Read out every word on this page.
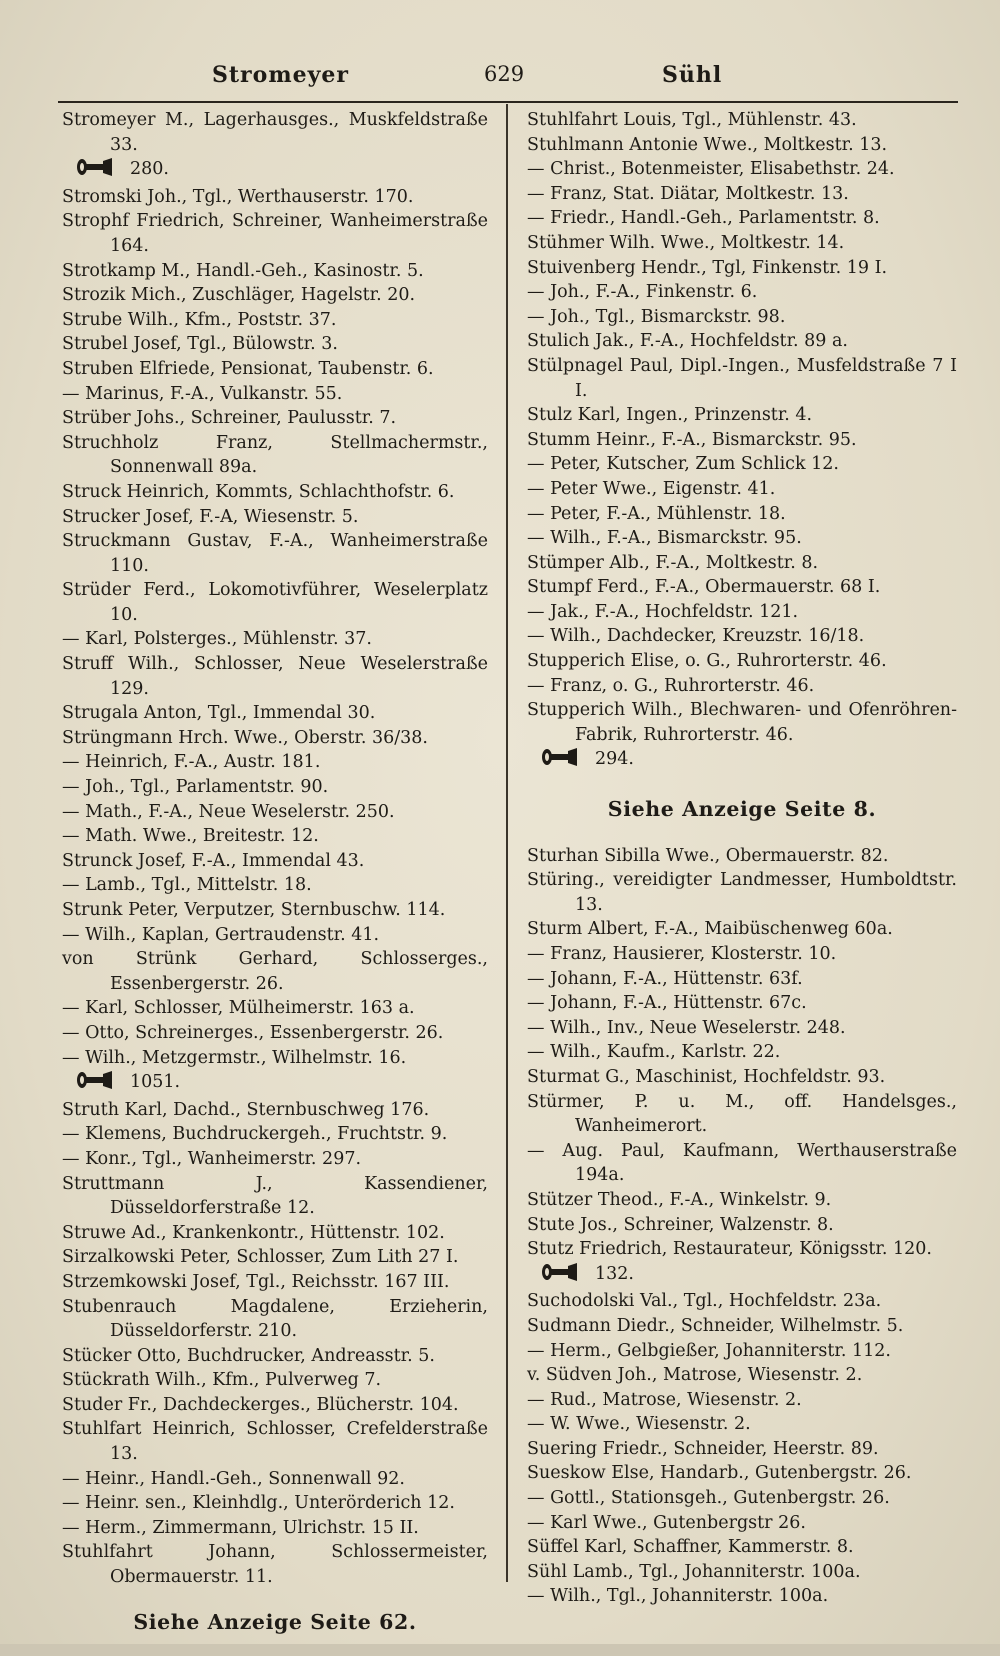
Stromeyer	629	Sühl
Stromeyer M., Lagerhausges., Muskfeldstraße 33.
280.
Stromski Joh., Tgl., Werthauserstr. 170.
Strophf Friedrich, Schreiner, Wanheimerstraße 164.
Strotkamp M., Handl.-Geh., Kasinostr. 5.
Strozik Mich., Zuschläger, Hagelstr. 20.
Strube Wilh., Kfm., Poststr. 37.
Strubel Josef, Tgl., Bülowstr. 3.
Struben Elfriede, Pensionat, Taubenstr. 6.
— Marinus, F.-A., Vulkanstr. 55.
Strüber Johs., Schreiner, Paulusstr. 7.
Struchholz Franz, Stellmachermstr., Sonnenwall 89a.
Struck Heinrich, Kommts, Schlachthofstr. 6.
Strucker Josef, F.-A, Wiesenstr. 5.
Struckmann Gustav, F.-A., Wanheimerstraße 110.
Strüder Ferd., Lokomotivführer, Weselerplatz 10.
— Karl, Polsterges., Mühlenstr. 37.
Struff Wilh., Schlosser, Neue Weselerstraße 129.
Strugala Anton, Tgl., Immendal 30.
Strüngmann Hrch. Wwe., Oberstr. 36/38.
— Heinrich, F.-A., Austr. 181.
— Joh., Tgl., Parlamentstr. 90.
— Math., F.-A., Neue Weselerstr. 250.
— Math. Wwe., Breitestr. 12.
Strunck Josef, F.-A., Immendal 43.
— Lamb., Tgl., Mittelstr. 18.
Strunk Peter, Verputzer, Sternbuschw. 114.
— Wilh., Kaplan, Gertraudenstr. 41.
von Strünk Gerhard, Schlosserges., Essenbergerstr. 26.
— Karl, Schlosser, Mülheimerstr. 163 a.
— Otto, Schreinerges., Essenbergerstr. 26.
— Wilh., Metzgermstr., Wilhelmstr. 16.
1051.
Struth Karl, Dachd., Sternbuschweg 176.
— Klemens, Buchdruckergeh., Fruchtstr. 9.
— Konr., Tgl., Wanheimerstr. 297.
Struttmann J., Kassendiener, Düsseldorferstraße 12.
Struwe Ad., Krankenkontr., Hüttenstr. 102.
Sirzalkowski Peter, Schlosser, Zum Lith 27 I.
Strzemkowski Josef, Tgl., Reichsstr. 167 III.
Stubenrauch Magdalene, Erzieherin, Düsseldorferstr. 210.
Stücker Otto, Buchdrucker, Andreasstr. 5.
Stückrath Wilh., Kfm., Pulverweg 7.
Studer Fr., Dachdeckerges., Blücherstr. 104.
Stuhlfart Heinrich, Schlosser, Crefelderstraße 13.
— Heinr., Handl.-Geh., Sonnenwall 92.
— Heinr. sen., Kleinhdlg., Unterörderich 12.
— Herm., Zimmermann, Ulrichstr. 15 II.
Stuhlfahrt Johann, Schlossermeister, Obermauerstr. 11.
Siehe Anzeige Seite 62.
Stuhlfahrt Louis, Tgl., Mühlenstr. 43.
Stuhlmann Antonie Wwe., Moltkestr. 13.
— Christ., Botenmeister, Elisabethstr. 24.
— Franz, Stat. Diätar, Moltkestr. 13.
— Friedr., Handl.-Geh., Parlamentstr. 8.
Stühmer Wilh. Wwe., Moltkestr. 14.
Stuivenberg Hendr., Tgl, Finkenstr. 19 I.
— Joh., F.-A., Finkenstr. 6.
— Joh., Tgl., Bismarckstr. 98.
Stulich Jak., F.-A., Hochfeldstr. 89 a.
Stülpnagel Paul, Dipl.-Ingen., Musfeldstraße 7 I I.
Stulz Karl, Ingen., Prinzenstr. 4.
Stumm Heinr., F.-A., Bismarckstr. 95.
— Peter, Kutscher, Zum Schlick 12.
— Peter Wwe., Eigenstr. 41.
— Peter, F.-A., Mühlenstr. 18.
— Wilh., F.-A., Bismarckstr. 95.
Stümper Alb., F.-A., Moltkestr. 8.
Stumpf Ferd., F.-A., Obermauerstr. 68 I.
— Jak., F.-A., Hochfeldstr. 121.
— Wilh., Dachdecker, Kreuzstr. 16/18.
Stupperich Elise, o. G., Ruhrorterstr. 46.
— Franz, o. G., Ruhrorterstr. 46.
Stupperich Wilh., Blechwaren- und Ofenröhren-Fabrik, Ruhrorterstr. 46.
294.
Siehe Anzeige Seite 8.
Sturhan Sibilla Wwe., Obermauerstr. 82.
Stüring., vereidigter Landmesser, Humboldtstr. 13.
Sturm Albert, F.-A., Maibüschenweg 60a.
— Franz, Hausierer, Klosterstr. 10.
— Johann, F.-A., Hüttenstr. 63f.
— Johann, F.-A., Hüttenstr. 67c.
— Wilh., Inv., Neue Weselerstr. 248.
— Wilh., Kaufm., Karlstr. 22.
Sturmat G., Maschinist, Hochfeldstr. 93.
Stürmer, P. u. M., off. Handelsges., Wanheimerort.
— Aug. Paul, Kaufmann, Werthauserstraße 194a.
Stützer Theod., F.-A., Winkelstr. 9.
Stute Jos., Schreiner, Walzenstr. 8.
Stutz Friedrich, Restaurateur, Königsstr. 120.
132.
Suchodolski Val., Tgl., Hochfeldstr. 23a.
Sudmann Diedr., Schneider, Wilhelmstr. 5.
— Herm., Gelbgießer, Johanniterstr. 112.
v. Südven Joh., Matrose, Wiesenstr. 2.
— Rud., Matrose, Wiesenstr. 2.
— W. Wwe., Wiesenstr. 2.
Suering Friedr., Schneider, Heerstr. 89.
Sueskow Else, Handarb., Gutenbergstr. 26.
— Gottl., Stationsgeh., Gutenbergstr. 26.
— Karl Wwe., Gutenbergstr 26.
Süffel Karl, Schaffner, Kammerstr. 8.
Sühl Lamb., Tgl., Johanniterstr. 100a.
— Wilh., Tgl., Johanniterstr. 100a.
